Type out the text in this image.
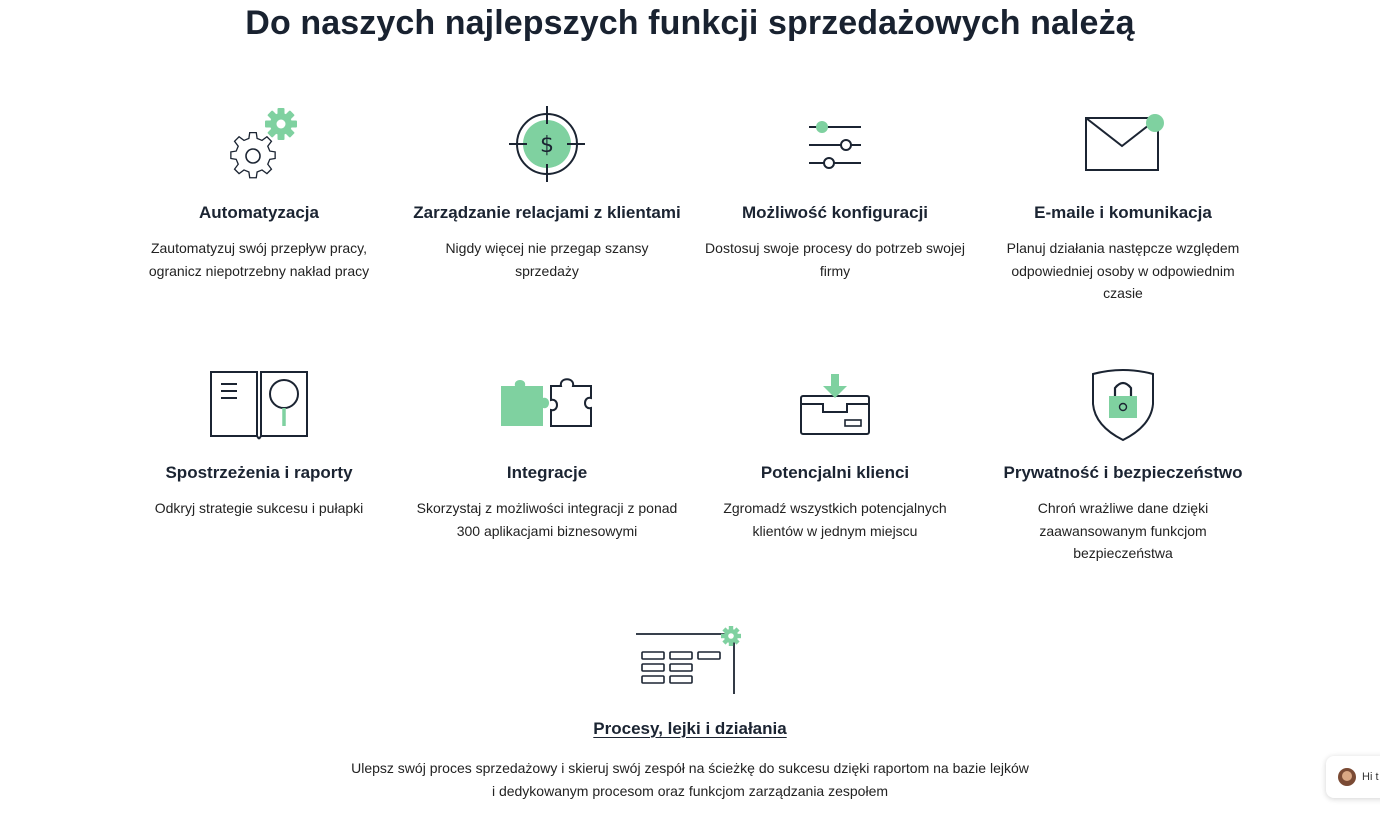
Do naszych najlepszych funkcji sprzedażowych należą
Automatyzacja

Zautomatyzuj swój przepływ pracy, ogranicz niepotrzebny nakład pracy

$
Zarządzanie relacjami z klientami

Nigdy więcej nie przegap szansy sprzedaży

Możliwość konfiguracji

Dostosuj swoje procesy do potrzeb swojej firmy

E-maile i komunikacja

Planuj działania następcze względem odpowiedniej osoby w odpowiednim czasie

Spostrzeżenia i raporty

Odkryj strategie sukcesu i pułapki

Integracje

Skorzystaj z możliwości integracji z ponad 300 aplikacjami biznesowymi

Potencjalni klienci

Zgromadź wszystkich potencjalnych klientów w jednym miejscu

Prywatność i bezpieczeństwo

Chroń wrażliwe dane dzięki zaawansowanym funkcjom bezpieczeństwa

Procesy, lejki i działania

Ulepsz swój proces sprzedażowy i skieruj swój zespół na ścieżkę do sukcesu dzięki raportom na bazie lejków i dedykowanym procesom oraz funkcjom zarządzania zespołem

Hi t
